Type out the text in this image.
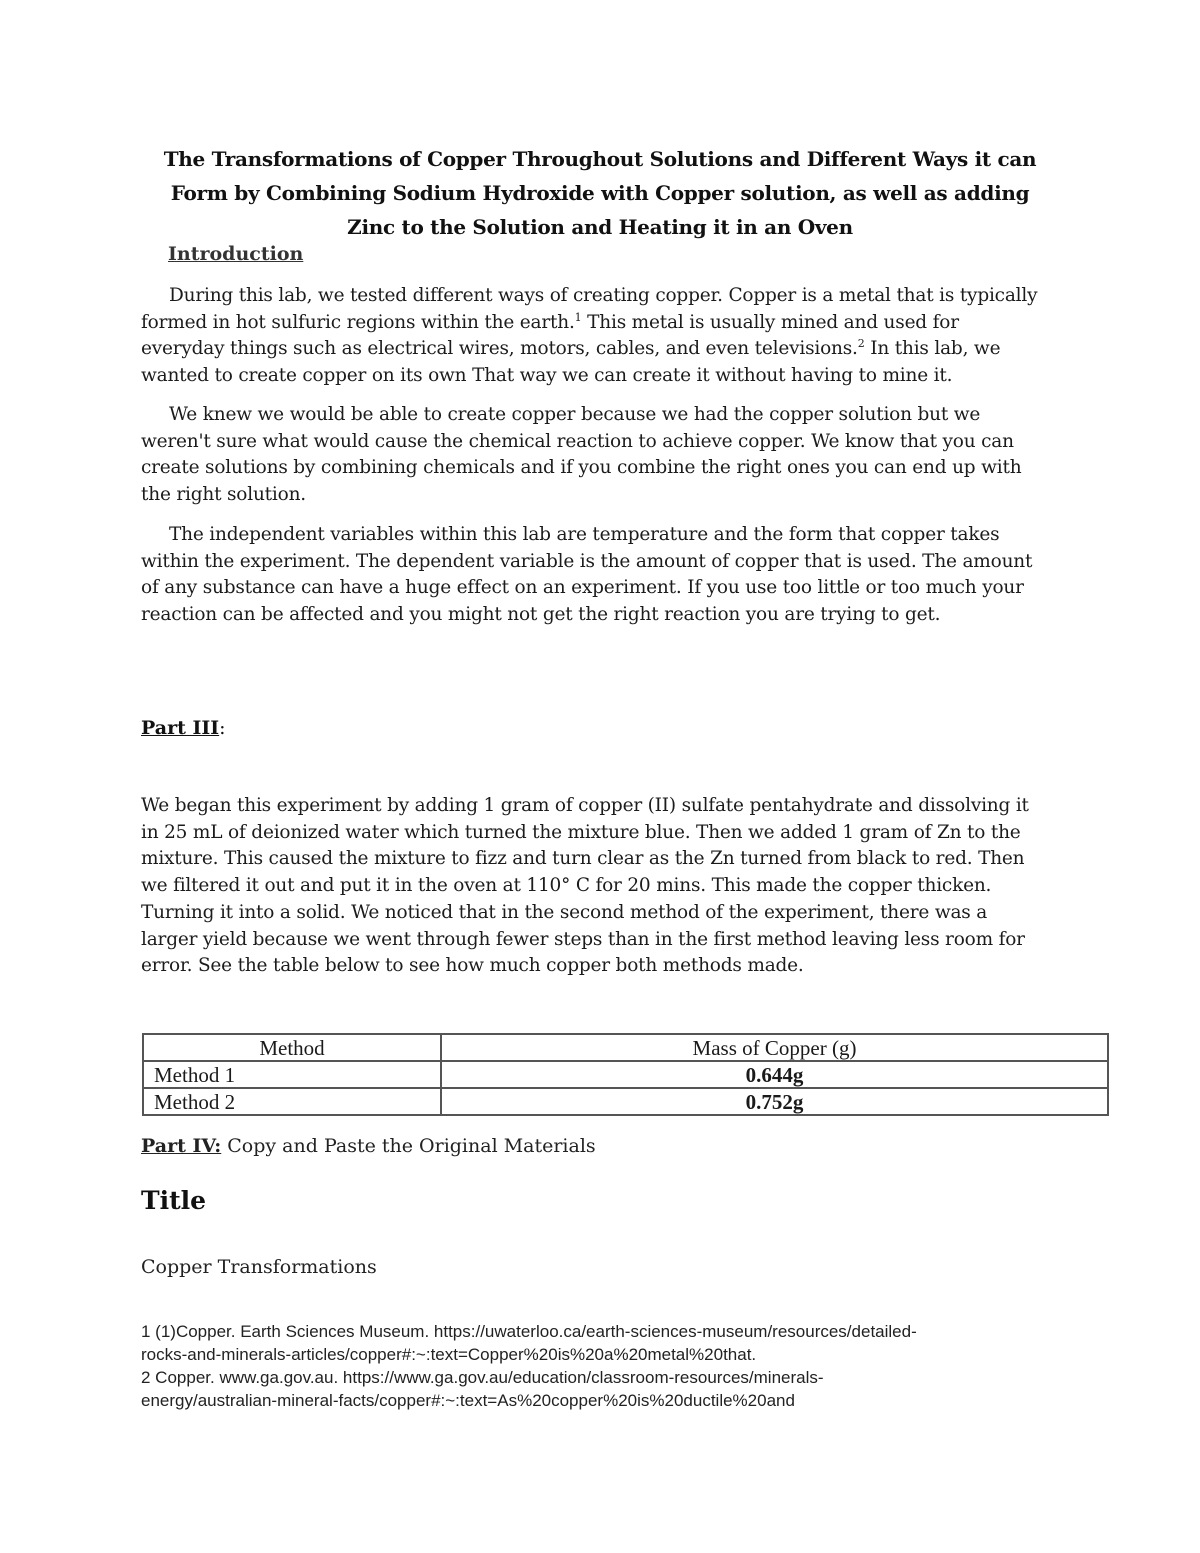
The Transformations of Copper Throughout Solutions and Different Ways it can
Form by Combining Sodium Hydroxide with Copper solution, as well as adding
Zinc to the Solution and Heating it in an Oven
Introduction
During this lab, we tested different ways of creating copper. Copper is a metal that is typically
formed in hot sulfuric regions within the earth.$^1$ This metal is usually mined and used for
everyday things such as electrical wires, motors, cables, and even televisions.$^2$ In this lab, we
wanted to create copper on its own That way we can create it without having to mine it.
We knew we would be able to create copper because we had the copper solution but we
weren't sure what would cause the chemical reaction to achieve copper. We know that you can
create solutions by combining chemicals and if you combine the right ones you can end up with
the right solution.
The independent variables within this lab are temperature and the form that copper takes
within the experiment. The dependent variable is the amount of copper that is used. The amount
of any substance can have a huge effect on an experiment. If you use too little or too much your
reaction can be affected and you might not get the right reaction you are trying to get.
Part III:
We began this experiment by adding 1 gram of copper (II) sulfate pentahydrate and dissolving it
in 25 mL of deionized water which turned the mixture blue. Then we added 1 gram of Zn to the
mixture. This caused the mixture to fizz and turn clear as the Zn turned from black to red. Then
we filtered it out and put it in the oven at 110° C for 20 mins. This made the copper thicken.
Turning it into a solid. We noticed that in the second method of the experiment, there was a
larger yield because we went through fewer steps than in the first method leaving less room for
error. See the table below to see how much copper both methods made.
Method	Mass of Copper (g)
Method 1	0.644g
Method 2	0.752g
Part IV: Copy and Paste the Original Materials
Title
Copper Transformations
1 (1)Copper. Earth Sciences Museum. https://uwaterloo.ca/earth-sciences-museum/resources/detailed-
rocks-and-minerals-articles/copper#:~:text=Copper%20is%20a%20metal%20that.
2 Copper. www.ga.gov.au. https://www.ga.gov.au/education/classroom-resources/minerals-
energy/australian-mineral-facts/copper#:~:text=As%20copper%20is%20ductile%20and
